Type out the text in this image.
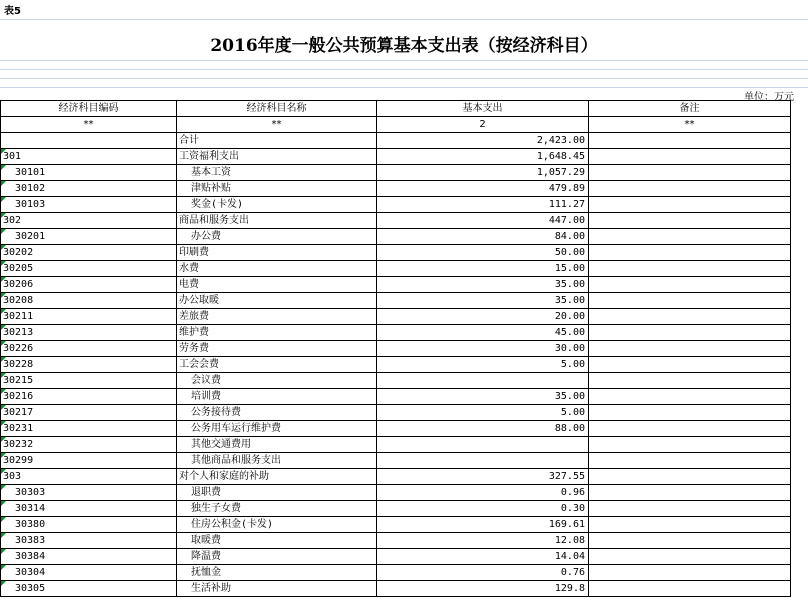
表5
2016年度一般公共预算基本支出表（按经济科目）
单位：万元
经济科目编码	经济科目名称	基本支出	备注
**	**	2	**
	合计	2,423.00	

301	工资福利支出	1,648.45	

30101	基本工资	1,057.29	

30102	津贴补贴	479.89	

30103	奖金(卡发)	111.27	

302	商品和服务支出	447.00	

30201	办公费	84.00	

30202	印刷费	50.00	

30205	水费	15.00	

30206	电费	35.00	

30208	办公取暖	35.00	

30211	差旅费	20.00	

30213	维护费	45.00	

30226	劳务费	30.00	

30228	工会会费	5.00	

30215	会议费		

30216	培训费	35.00	

30217	公务接待费	5.00	

30231	公务用车运行维护费	88.00	

30232	其他交通费用		

30299	其他商品和服务支出		

303	对个人和家庭的补助	327.55	

30303	退职费	0.96	

30314	独生子女费	0.30	

30380	住房公积金(卡发)	169.61	

30383	取暖费	12.08	

30384	降温费	14.04	

30304	抚恤金	0.76	

30305	生活补助	129.8	
